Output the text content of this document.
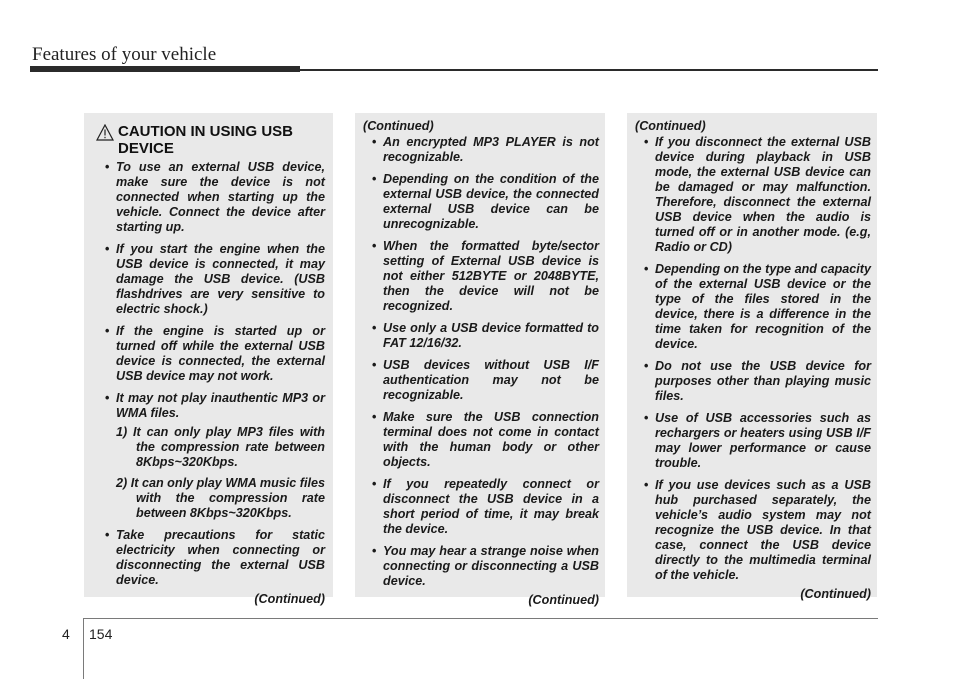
Features of your vehicle
CAUTION IN USING USB DEVICE
• To use an external USB device, make sure the device is not connected when starting up the vehicle. Connect the device after starting up.
• If you start the engine when the USB device is connected, it may damage the USB device. (USB flashdrives are very sensitive to electric shock.)
• If the engine is started up or turned off while the external USB device is connected, the external USB device may not work.
• It may not play inauthentic MP3 or WMA files.
1) It can only play MP3 files with the compression rate between 8Kbps~320Kbps.
2) It can only play WMA music files with the compression rate between 8Kbps~320Kbps.
• Take precautions for static electricity when connecting or disconnecting the external USB device.
(Continued)
(Continued)
• An encrypted MP3 PLAYER is not recognizable.
• Depending on the condition of the external USB device, the connected external USB device can be unrecognizable.
• When the formatted byte/sector setting of External USB device is not either 512BYTE or 2048BYTE, then the device will not be recognized.
• Use only a USB device formatted to FAT 12/16/32.
• USB devices without USB I/F authentication may not be recognizable.
• Make sure the USB connection terminal does not come in contact with the human body or other objects.
• If you repeatedly connect or disconnect the USB device in a short period of time, it may break the device.
• You may hear a strange noise when connecting or disconnecting a USB device.
(Continued)
(Continued)
• If you disconnect the external USB device during playback in USB mode, the external USB device can be damaged or may malfunction. Therefore, disconnect the external USB device when the audio is turned off or in another mode. (e.g, Radio or CD)
• Depending on the type and capacity of the external USB device or the type of the files stored in the device, there is a difference in the time taken for recognition of the device.
• Do not use the USB device for purposes other than playing music files.
• Use of USB accessories such as rechargers or heaters using USB I/F may lower performance or cause trouble.
• If you use devices such as a USB hub purchased separately, the vehicle’s audio system may not recognize the USB device. In that case, connect the USB device directly to the multimedia terminal of the vehicle.
(Continued)
4 154
